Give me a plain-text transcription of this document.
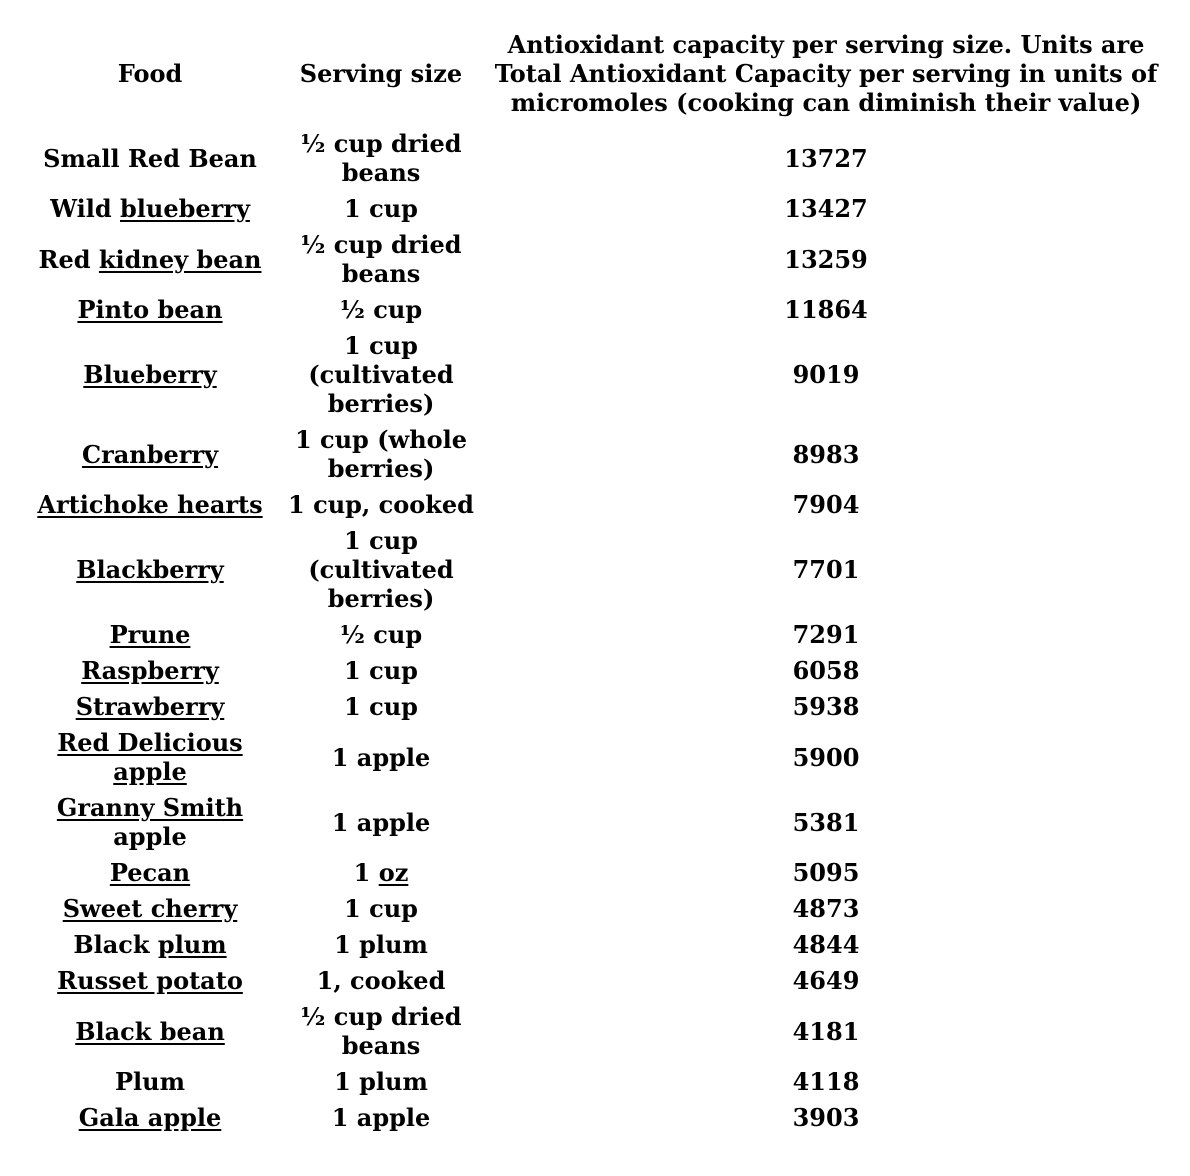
Food	Serving size	Antioxidant capacity per serving size. Units are Total Antioxidant Capacity per serving in units of micromoles (cooking can diminish their value)
Small Red Bean	½ cup dried beans	13727
Wild blueberry	1 cup	13427
Red kidney bean	½ cup dried beans	13259
Pinto bean	½ cup	11864
Blueberry	1 cup (cultivated berries)	9019
Cranberry	1 cup (whole berries)	8983
Artichoke hearts	1 cup, cooked	7904
Blackberry	1 cup (cultivated berries)	7701
Prune	½ cup	7291
Raspberry	1 cup	6058
Strawberry	1 cup	5938
Red Delicious apple	1 apple	5900
Granny Smith apple	1 apple	5381
Pecan	1 oz	5095
Sweet cherry	1 cup	4873
Black plum	1 plum	4844
Russet potato	1, cooked	4649
Black bean	½ cup dried beans	4181
Plum	1 plum	4118
Gala apple	1 apple	3903
